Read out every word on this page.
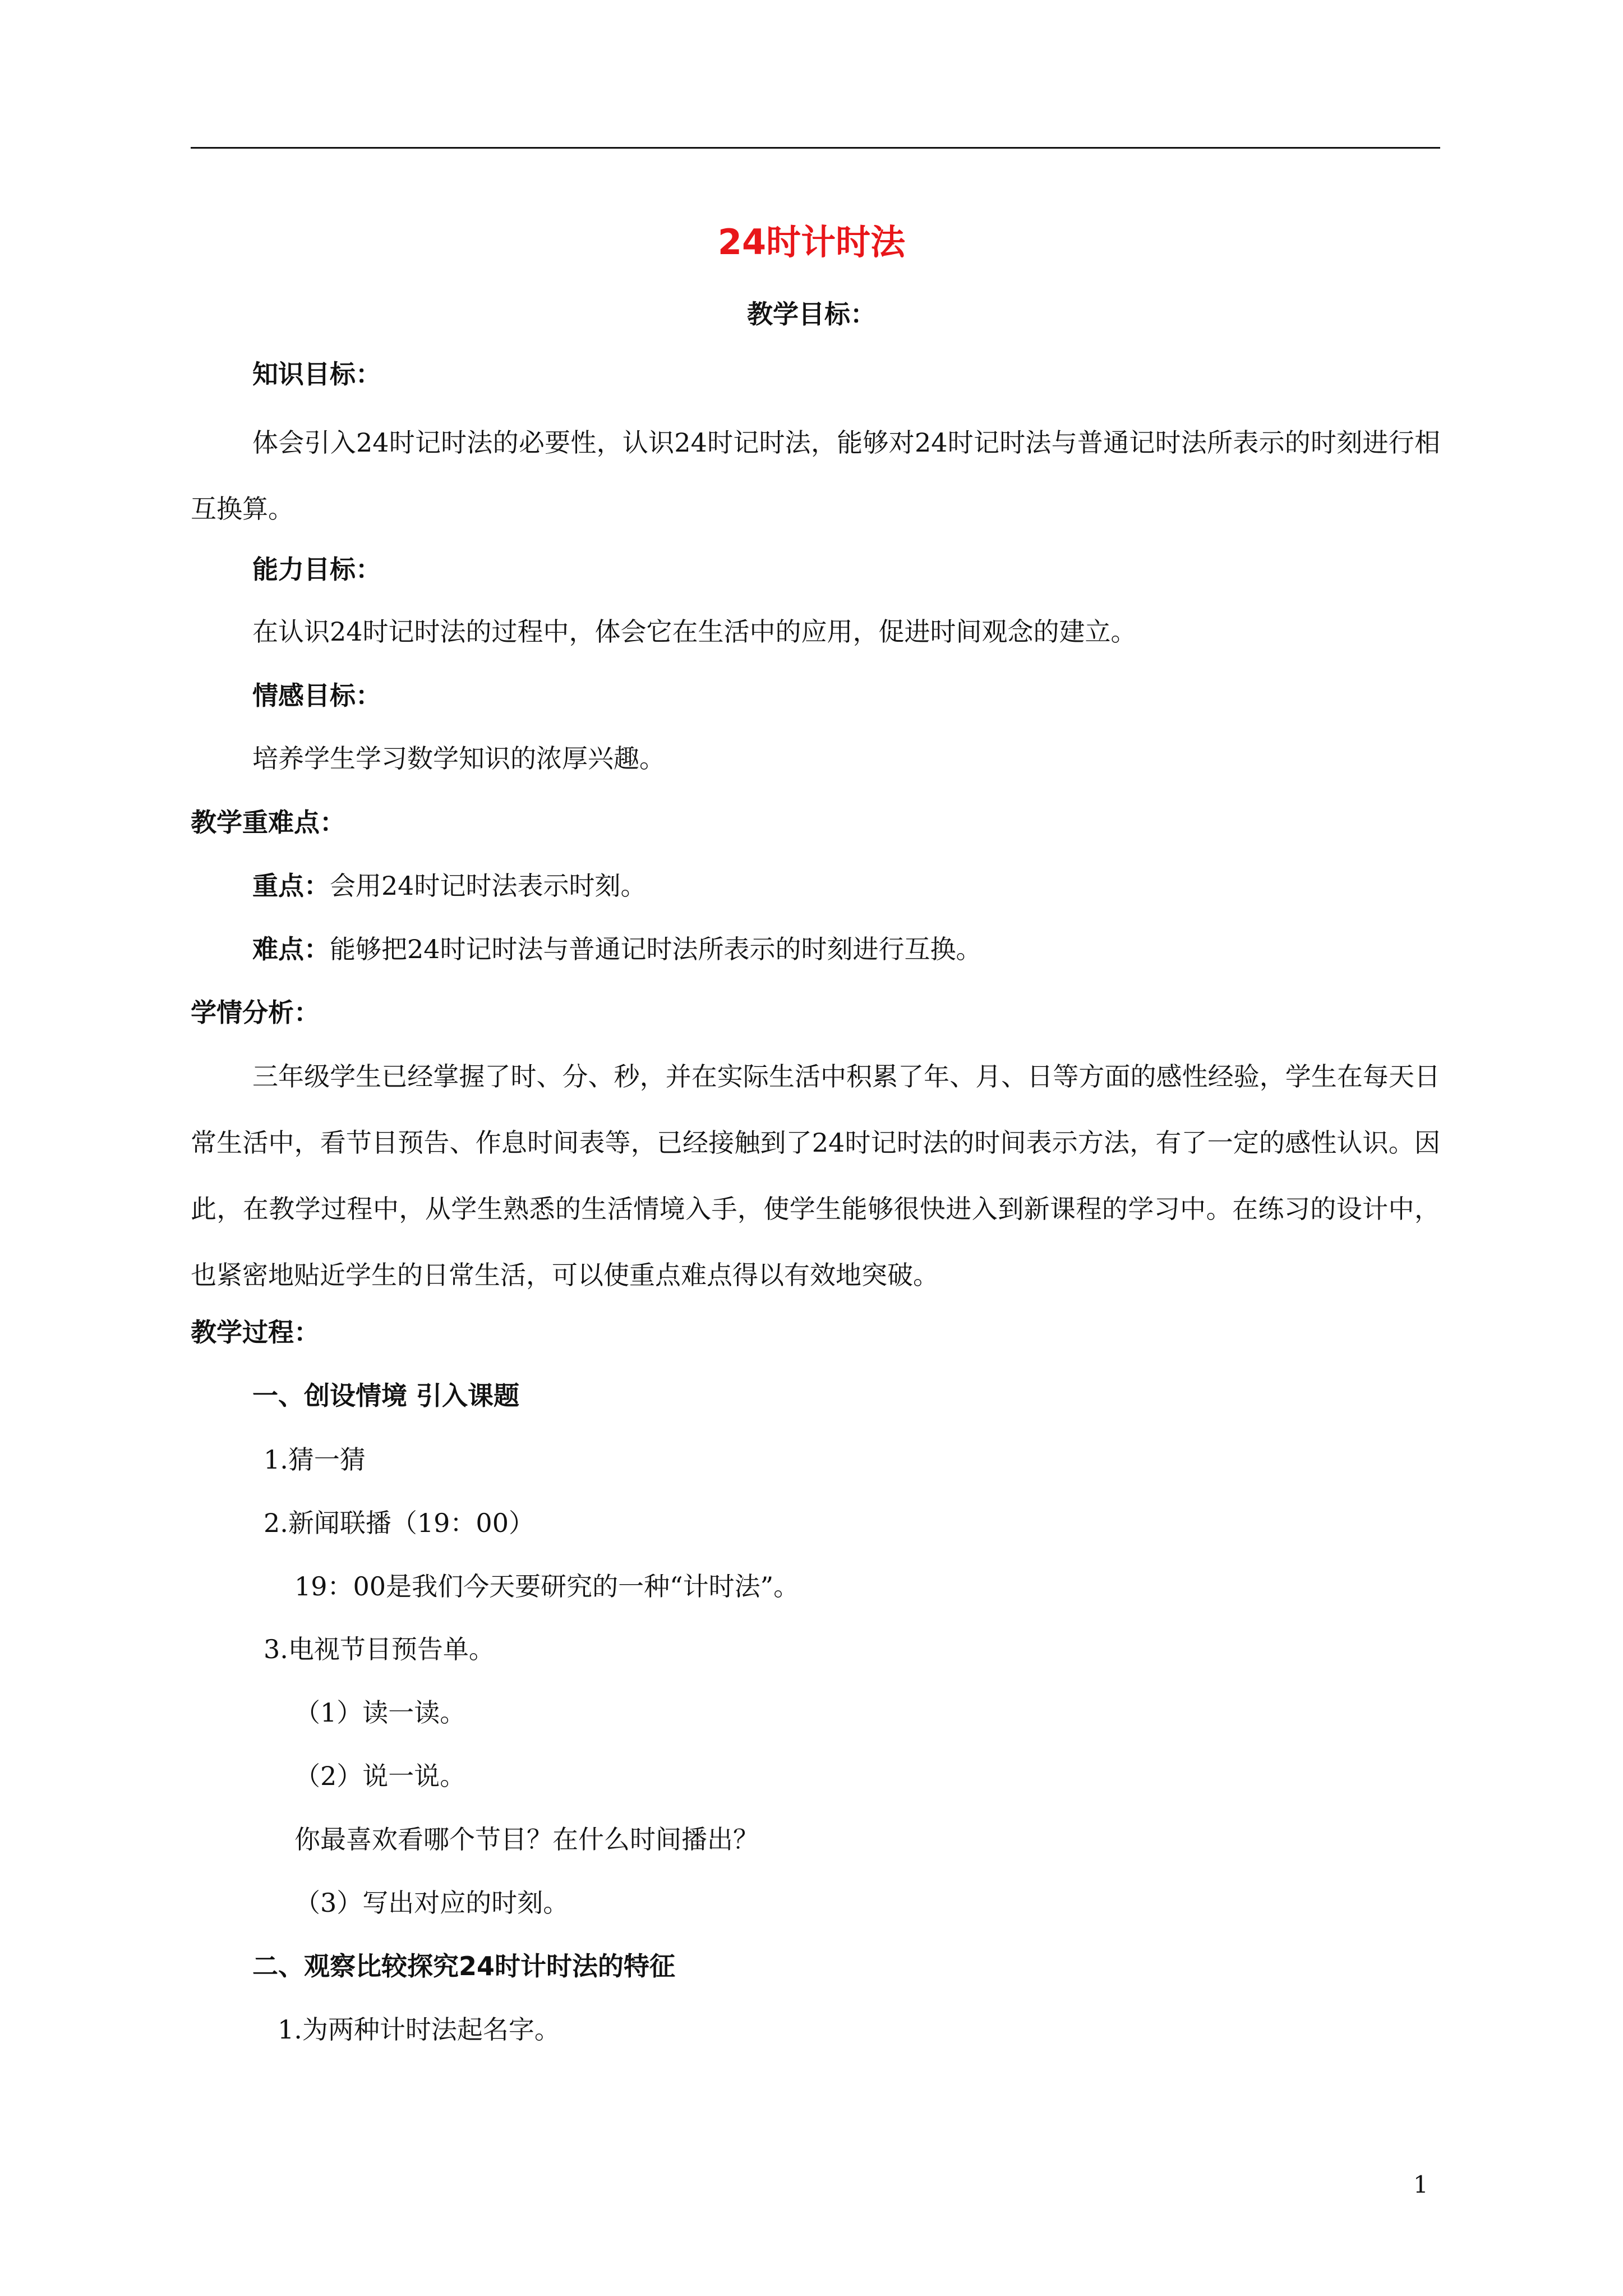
24时计时法
教学目标：
知识目标：
体会引入24时记时法的必要性，认识24时记时法，能够对24时记时法与普通记时法所表示的时刻进行相互换算。
能力目标：
在认识24时记时法的过程中，体会它在生活中的应用，促进时间观念的建立。
情感目标：
培养学生学习数学知识的浓厚兴趣。
教学重难点：
重点：会用24时记时法表示时刻。
难点：能够把24时记时法与普通记时法所表示的时刻进行互换。
学情分析：
三年级学生已经掌握了时、分、秒，并在实际生活中积累了年、月、日等方面的感性经验，学生在每天日常生活中，看节目预告、作息时间表等，已经接触到了24时记时法的时间表示方法，有了一定的感性认识。因此，在教学过程中，从学生熟悉的生活情境入手，使学生能够很快进入到新课程的学习中。在练习的设计中，也紧密地贴近学生的日常生活，可以使重点难点得以有效地突破。
教学过程：
一、创设情境 引入课题
1.猜一猜
2.新闻联播（19：00）
19：00是我们今天要研究的一种“计时法”。
3.电视节目预告单。
（1）读一读。
（2）说一说。
你最喜欢看哪个节目？在什么时间播出？
（3）写出对应的时刻。
二、观察比较探究24时计时法的特征
1.为两种计时法起名字。
1
